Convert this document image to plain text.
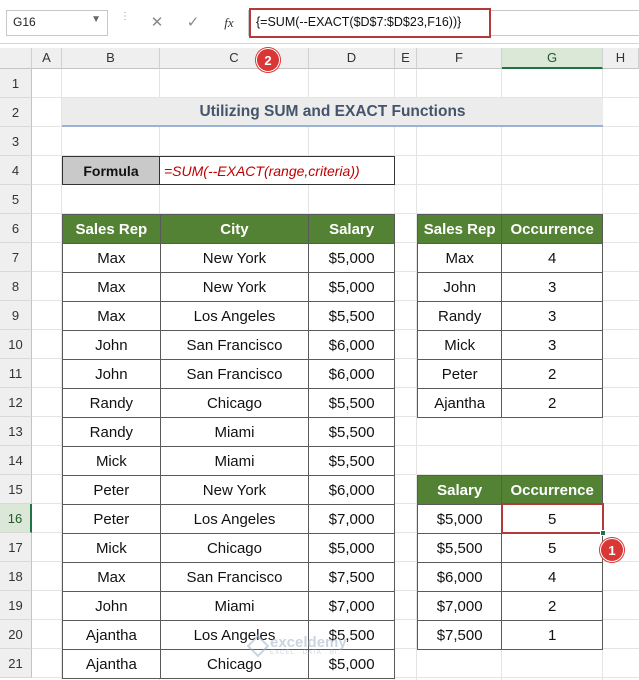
G16	▼ ⋮	✕	✓	fx	{=SUM(--EXACT($D$7:$D$23,F16))}
A	B	C	D	E	F	G	H
1
2
3
4
5
6
7
8
9
10
11
12
13
14
15
16
17
18
19
20
21
Utilizing SUM and EXACT Functions
Formula	=SUM(--EXACT(range,criteria))
Sales Rep	City	Salary
Max	New York	$5,000
Max	New York	$5,000
Max	Los Angeles	$5,500
John	San Francisco	$6,000
John	San Francisco	$6,000
Randy	Chicago	$5,500
Randy	Miami	$5,500
Mick	Miami	$5,500
Peter	New York	$6,000
Peter	Los Angeles	$7,000
Mick	Chicago	$5,000
Max	San Francisco	$7,500
John	Miami	$7,000
Ajantha	Los Angeles	$5,500
Ajantha	Chicago	$5,000
Sales Rep	Occurrence
Max	4
John	3
Randy	3
Mick	3
Peter	2
Ajantha	2
Salary	Occurrence
$5,000	5
$5,500	5
$6,000	4
$7,000	2
$7,500	1
1
2
exceldemy
EXCEL · DATA · BI
